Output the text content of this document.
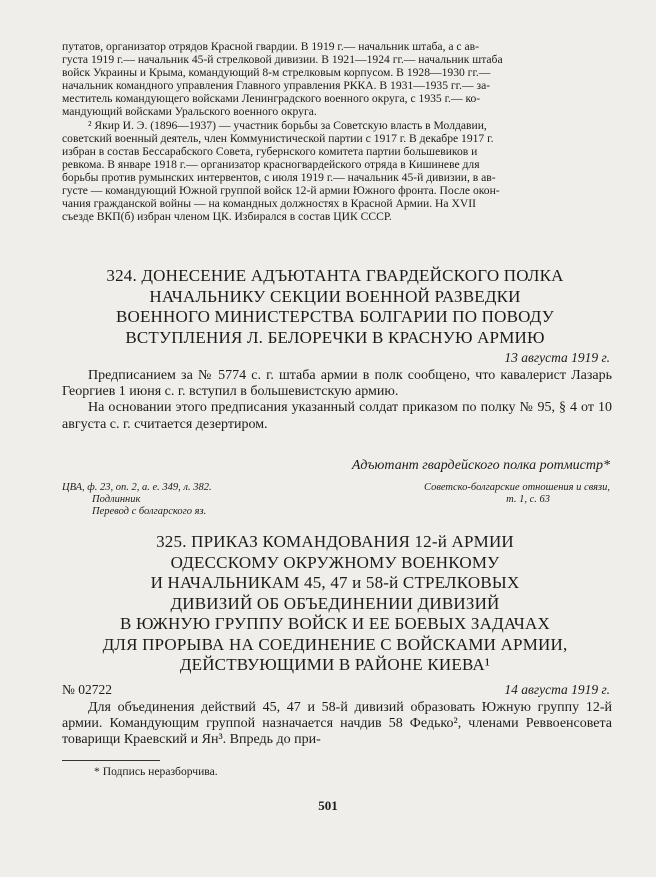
путатов, организатор отрядов Красной гвардии. В 1919 г.— начальник штаба, а с ав-

густа 1919 г.— начальник 45-й стрелковой дивизии. В 1921—1924 гг.— начальник штаба

войск Украины и Крыма, командующий 8-м стрелковым корпусом. В 1928—1930 гг.—

начальник командного управления Главного управления РККА. В 1931—1935 гг.— за-

меститель командующего войсками Ленинградского военного округа, с 1935 г.— ко-

мандующий войсками Уральского военного округа.

² Якир И. Э. (1896—1937) — участник борьбы за Советскую власть в Молдавии,

советский военный деятель, член Коммунистической партии с 1917 г. В декабре 1917 г.

избран в состав Бессарабского Совета, губернского комитета партии большевиков и

ревкома. В январе 1918 г.— организатор красногвардейского отряда в Кишиневе для

борьбы против румынских интервентов, с июля 1919 г.— начальник 45-й дивизии, в ав-

густе — командующий Южной группой войск 12-й армии Южного фронта. После окон-

чания гражданской войны — на командных должностях в Красной Армии. На XVII

съезде ВКП(б) избран членом ЦК. Избирался в состав ЦИК СССР.

324. ДОНЕСЕНИЕ АДЪЮТАНТА ГВАРДЕЙСКОГО ПОЛКА
НАЧАЛЬНИКУ СЕКЦИИ ВОЕННОЙ РАЗВЕДКИ
ВОЕННОГО МИНИСТЕРСТВА БОЛГАРИИ ПО ПОВОДУ
ВСТУПЛЕНИЯ Л. БЕЛОРЕЧКИ В КРАСНУЮ АРМИЮ
13 августа 1919 г.

Предписанием за № 5774 с. г. штаба армии в полк сообщено, что кавалерист Лазарь Георгиев 1 июня с. г. вступил в большевистскую армию.

На основании этого предписания указанный солдат приказом по полку № 95, § 4 от 10 августа с. г. считается дезертиром.

Адъютант гвардейского полка ротмистр*
ЦВА, ф. 23, оп. 2, а. е. 349, л. 382.
Подлинник
Перевод с болгарского яз.
Советско-болгарские отношения и связи,
т. 1, с. 63
325. ПРИКАЗ КОМАНДОВАНИЯ 12-й АРМИИ
ОДЕССКОМУ ОКРУЖНОМУ ВОЕНКОМУ
И НАЧАЛЬНИКАМ 45, 47 и 58-й СТРЕЛКОВЫХ
ДИВИЗИЙ ОБ ОБЪЕДИНЕНИИ ДИВИЗИЙ
В ЮЖНУЮ ГРУППУ ВОЙСК И ЕЕ БОЕВЫХ ЗАДАЧАХ
ДЛЯ ПРОРЫВА НА СОЕДИНЕНИЕ С ВОЙСКАМИ АРМИИ,
ДЕЙСТВУЮЩИМИ В РАЙОНЕ КИЕВА¹
№ 02722	14 августа 1919 г.

Для объединения действий 45, 47 и 58-й дивизий образовать Южную группу 12-й армии. Командующим группой назначается начдив 58 Федько², членами Реввоенсовета товарищи Краевский и Ян³. Впредь до при-

* Подпись неразборчива.
501
